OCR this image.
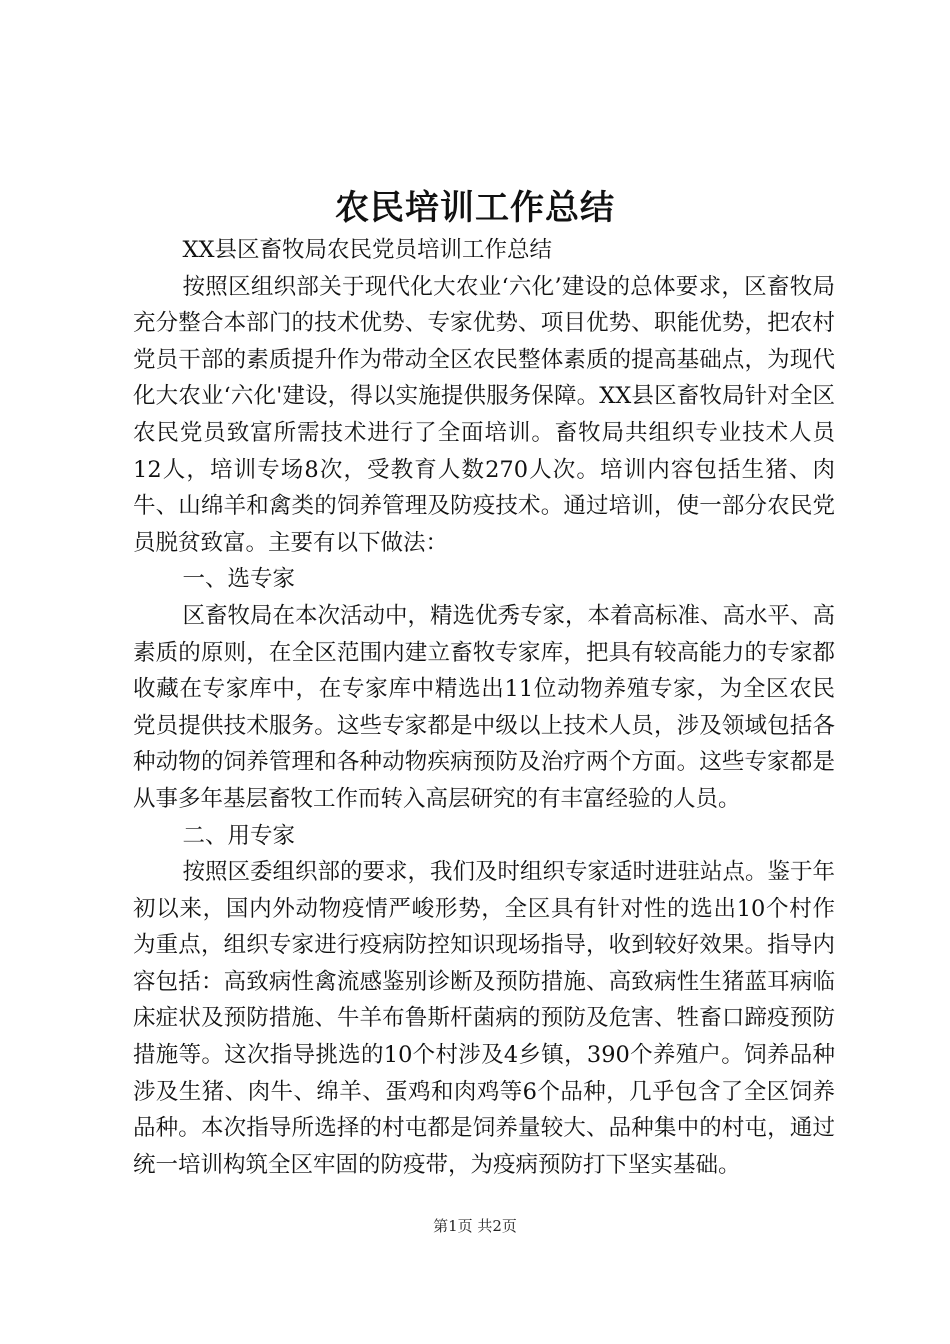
农民培训工作总结

XX县区畜牧局农民党员培训工作总结

按照区组织部关于现代化大农业‘六化’建设的总体要求，区畜牧局充分整合本部门的技术优势、专家优势、项目优势、职能优势，把农村党员干部的素质提升作为带动全区农民整体素质的提高基础点，为现代化大农业‘六化'建设，得以实施提供服务保障。XX县区畜牧局针对全区农民党员致富所需技术进行了全面培训。畜牧局共组织专业技术人员12人，培训专场8次，受教育人数270人次。培训内容包括生猪、肉牛、山绵羊和禽类的饲养管理及防疫技术。通过培训，使一部分农民党员脱贫致富。主要有以下做法：

一、选专家

区畜牧局在本次活动中，精选优秀专家，本着高标准、高水平、高素质的原则，在全区范围内建立畜牧专家库，把具有较高能力的专家都收藏在专家库中，在专家库中精选出11位动物养殖专家，为全区农民党员提供技术服务。这些专家都是中级以上技术人员，涉及领域包括各种动物的饲养管理和各种动物疾病预防及治疗两个方面。这些专家都是从事多年基层畜牧工作而转入高层研究的有丰富经验的人员。

二、用专家

按照区委组织部的要求，我们及时组织专家适时进驻站点。鉴于年初以来，国内外动物疫情严峻形势，全区具有针对性的选出10个村作为重点，组织专家进行疫病防控知识现场指导，收到较好效果。指导内容包括：高致病性禽流感鉴别诊断及预防措施、高致病性生猪蓝耳病临床症状及预防措施、牛羊布鲁斯杆菌病的预防及危害、牲畜口蹄疫预防措施等。这次指导挑选的10个村涉及4乡镇，390个养殖户。饲养品种涉及生猪、肉牛、绵羊、蛋鸡和肉鸡等6个品种，几乎包含了全区饲养品种。本次指导所选择的村屯都是饲养量较大、品种集中的村屯，通过统一培训构筑全区牢固的防疫带，为疫病预防打下坚实基础。

第1页 共2页
